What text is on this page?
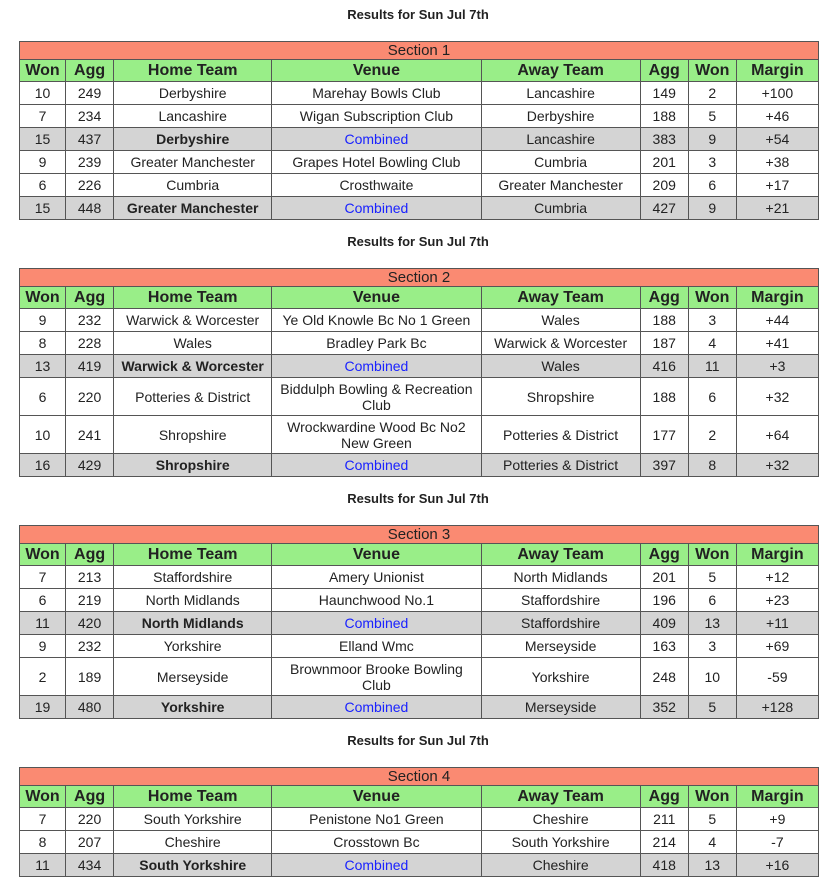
Results for Sun Jul 7th
Section 1							
Won	Agg	Home Team	Venue	Away Team	Agg	Won	Margin
10	249	Derbyshire	Marehay Bowls Club	Lancashire	149	2	+100
7	234	Lancashire	Wigan Subscription Club	Derbyshire	188	5	+46
15	437	Derbyshire	Combined	Lancashire	383	9	+54
9	239	Greater Manchester	Grapes Hotel Bowling Club	Cumbria	201	3	+38
6	226	Cumbria	Crosthwaite	Greater Manchester	209	6	+17
15	448	Greater Manchester	Combined	Cumbria	427	9	+21
Results for Sun Jul 7th
Section 2							
Won	Agg	Home Team	Venue	Away Team	Agg	Won	Margin
9	232	Warwick & Worcester	Ye Old Knowle Bc No 1 Green	Wales	188	3	+44
8	228	Wales	Bradley Park Bc	Warwick & Worcester	187	4	+41
13	419	Warwick & Worcester	Combined	Wales	416	11	+3
6	220	Potteries & District	Biddulph Bowling & Recreation Club	Shropshire	188	6	+32
10	241	Shropshire	Wrockwardine Wood Bc No2 New Green	Potteries & District	177	2	+64
16	429	Shropshire	Combined	Potteries & District	397	8	+32
Results for Sun Jul 7th
Section 3							
Won	Agg	Home Team	Venue	Away Team	Agg	Won	Margin
7	213	Staffordshire	Amery Unionist	North Midlands	201	5	+12
6	219	North Midlands	Haunchwood No.1	Staffordshire	196	6	+23
11	420	North Midlands	Combined	Staffordshire	409	13	+11
9	232	Yorkshire	Elland Wmc	Merseyside	163	3	+69
2	189	Merseyside	Brownmoor Brooke Bowling Club	Yorkshire	248	10	-59
19	480	Yorkshire	Combined	Merseyside	352	5	+128
Results for Sun Jul 7th
Section 4							
Won	Agg	Home Team	Venue	Away Team	Agg	Won	Margin
7	220	South Yorkshire	Penistone No1 Green	Cheshire	211	5	+9
8	207	Cheshire	Crosstown Bc	South Yorkshire	214	4	-7
11	434	South Yorkshire	Combined	Cheshire	418	13	+16
